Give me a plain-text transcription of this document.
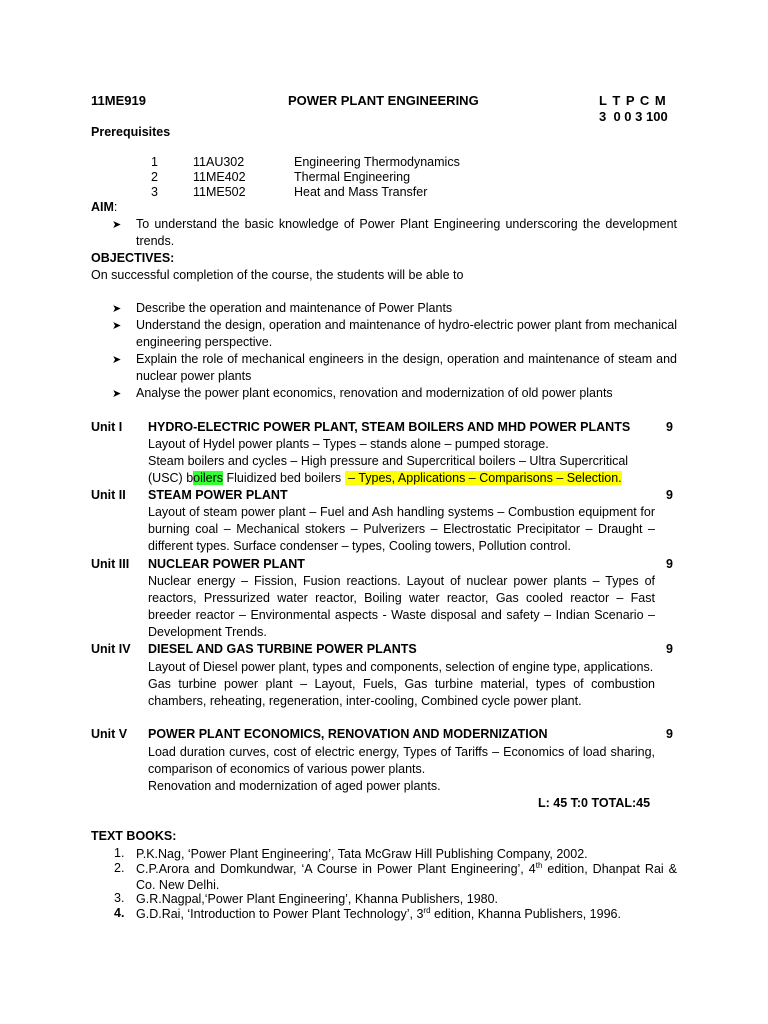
11ME919	POWER PLANT ENGINEERING	L T P C M
3  0 0 3 100
Prerequisites
1	11AU302	Engineering Thermodynamics
2	11ME402	Thermal Engineering
3	11ME502	Heat and Mass Transfer
AIM:
➤ To understand the basic knowledge of Power Plant Engineering underscoring the development trends.
OBJECTIVES:
On successful completion of the course, the students will be able to
➤ Describe the operation and maintenance of Power Plants
➤ Understand the design, operation and maintenance of hydro-electric power plant from mechanical engineering perspective.
➤ Explain the role of mechanical engineers in the design, operation and maintenance of steam and nuclear power plants
➤ Analyse the power plant economics, renovation and modernization of old power plants
Unit I HYDRO-ELECTRIC POWER PLANT, STEAM BOILERS AND MHD POWER PLANTS	9
Layout of Hydel power plants – Types – stands alone – pumped storage.
Steam boilers and cycles – High pressure and Supercritical boilers – Ultra Supercritical
(USC) boilers Fluidized bed boilers  – Types, Applications – Comparisons – Selection.
Unit II STEAM POWER PLANT	9
Layout of steam power plant – Fuel and Ash handling systems – Combustion equipment for burning coal – Mechanical stokers – Pulverizers – Electrostatic Precipitator – Draught – different types. Surface condenser – types, Cooling towers, Pollution control.
Unit III NUCLEAR POWER PLANT	9
Nuclear energy – Fission, Fusion reactions. Layout of nuclear power plants – Types of reactors, Pressurized water reactor, Boiling water reactor, Gas cooled reactor – Fast breeder reactor – Environmental aspects - Waste disposal and safety – Indian Scenario – Development Trends.
Unit IV DIESEL AND GAS TURBINE POWER PLANTS	9
Layout of Diesel power plant, types and components, selection of engine type, applications.
Gas turbine power plant – Layout, Fuels, Gas turbine material, types of combustion chambers, reheating, regeneration, inter-cooling, Combined cycle power plant.
Unit V POWER PLANT ECONOMICS, RENOVATION AND MODERNIZATION	9
Load duration curves, cost of electric energy, Types of Tariffs – Economics of load sharing, comparison of economics of various power plants.
Renovation and modernization of aged power plants.
L: 45 T:0 TOTAL:45
TEXT BOOKS:
1. P.K.Nag, ‘Power Plant Engineering’, Tata McGraw Hill Publishing Company, 2002.
2. C.P.Arora and Domkundwar, ‘A Course in Power Plant Engineering’, 4th edition, Dhanpat Rai & Co. New Delhi.
3. G.R.Nagpal,‘Power Plant Engineering’, Khanna Publishers, 1980.
4. G.D.Rai, ‘Introduction to Power Plant Technology’, 3rd edition, Khanna Publishers, 1996.
